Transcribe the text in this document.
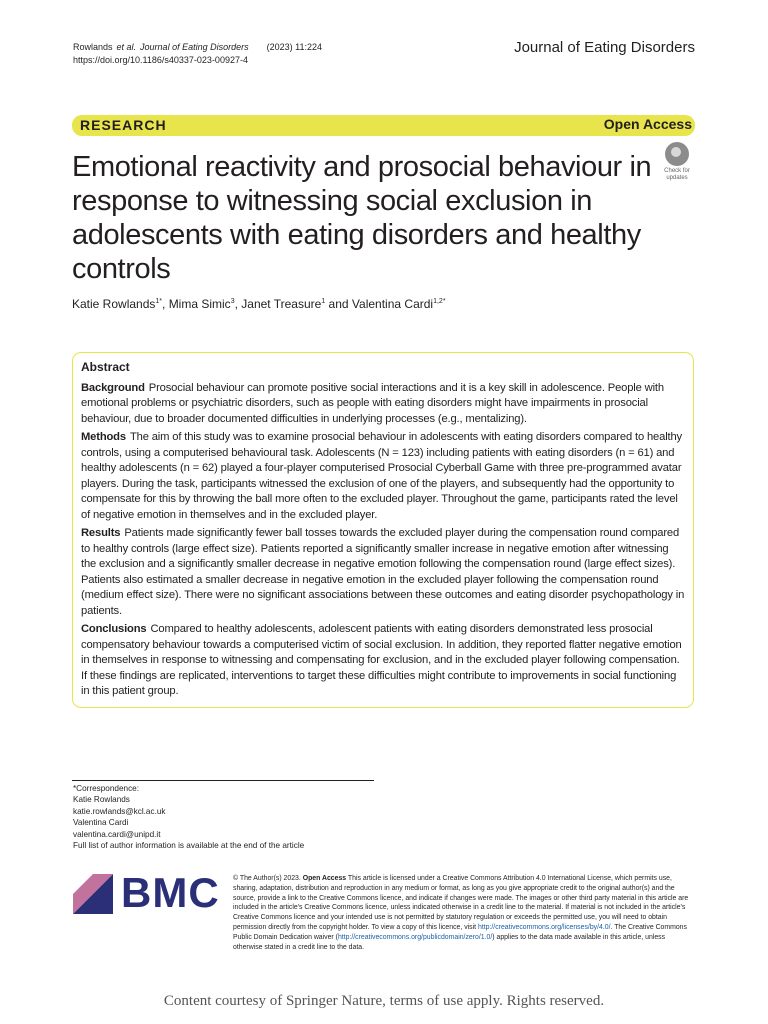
Rowlands et al. Journal of Eating Disorders (2023) 11:224
https://doi.org/10.1186/s40337-023-00927-4
Journal of Eating Disorders
RESEARCH	Open Access
Emotional reactivity and prosocial behaviour in response to witnessing social exclusion in adolescents with eating disorders and healthy controls
Check for
updates
Katie Rowlands$^{1*}$, Mima Simic$^3$, Janet Treasure$^1$ and Valentina Cardi$^{1,2*}$
Abstract

Background Prosocial behaviour can promote positive social interactions and it is a key skill in adolescence. People with emotional problems or psychiatric disorders, such as people with eating disorders might have impairments in prosocial behaviour, due to broader documented difficulties in underlying processes (e.g., mentalizing).

Methods The aim of this study was to examine prosocial behaviour in adolescents with eating disorders compared to healthy controls, using a computerised behavioural task. Adolescents (N = 123) including patients with eating disorders (n = 61) and healthy adolescents (n = 62) played a four-player computerised Prosocial Cyberball Game with three pre-programmed avatar players. During the task, participants witnessed the exclusion of one of the players, and subsequently had the opportunity to compensate for this by throwing the ball more often to the excluded player. Throughout the game, participants rated the level of negative emotion in themselves and in the excluded player.

Results Patients made significantly fewer ball tosses towards the excluded player during the compensation round compared to healthy controls (large effect size). Patients reported a significantly smaller increase in negative emotion after witnessing the exclusion and a significantly smaller decrease in negative emotion following the compensation round (large effect sizes). Patients also estimated a smaller decrease in negative emotion in the excluded player following the compensation round (medium effect size). There were no significant associations between these outcomes and eating disorder psychopathology in patients.

Conclusions Compared to healthy adolescents, adolescent patients with eating disorders demonstrated less prosocial compensatory behaviour towards a computerised victim of social exclusion. In addition, they reported flatter negative emotion in themselves in response to witnessing and compensating for exclusion, and in the excluded player following compensation. If these findings are replicated, interventions to target these difficulties might contribute to improvements in social functioning in this patient group.

*Correspondence:
Katie Rowlands
katie.rowlands@kcl.ac.uk
Valentina Cardi
valentina.cardi@unipd.it
Full list of author information is available at the end of the article
BMC © The Author(s) 2023. Open Access This article is licensed under a Creative Commons Attribution 4.0 International License, which permits use, sharing, adaptation, distribution and reproduction in any medium or format, as long as you give appropriate credit to the original author(s) and the source, provide a link to the Creative Commons licence, and indicate if changes were made. The images or other third party material in this article are included in the article's Creative Commons licence, unless indicated otherwise in a credit line to the material. If material is not included in the article's Creative Commons licence and your intended use is not permitted by statutory regulation or exceeds the permitted use, you will need to obtain permission directly from the copyright holder. To view a copy of this licence, visit http://creativecommons.org/licenses/by/4.0/. The Creative Commons Public Domain Dedication waiver (http://creativecommons.org/publicdomain/zero/1.0/) applies to the data made available in this article, unless otherwise stated in a credit line to the data.
Content courtesy of Springer Nature, terms of use apply. Rights reserved.
